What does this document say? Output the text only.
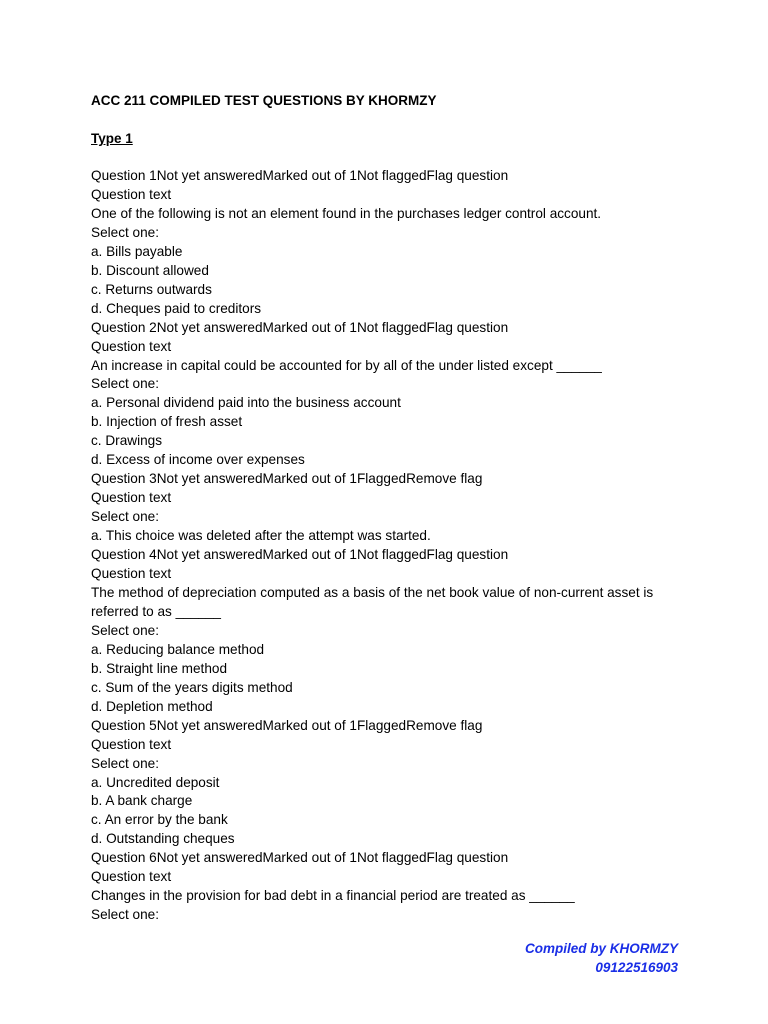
ACC 211 COMPILED TEST QUESTIONS BY KHORMZY
Type 1
Question 1Not yet answeredMarked out of 1Not flaggedFlag question
Question text
One of the following is not an element found in the purchases ledger control account.
Select one:
a. Bills payable
b. Discount allowed
c. Returns outwards
d. Cheques paid to creditors
Question 2Not yet answeredMarked out of 1Not flaggedFlag question
Question text
An increase in capital could be accounted for by all of the under listed except ______
Select one:
a. Personal dividend paid into the business account
b. Injection of fresh asset
c. Drawings
d. Excess of income over expenses
Question 3Not yet answeredMarked out of 1FlaggedRemove flag
Question text
Select one:
a. This choice was deleted after the attempt was started.
Question 4Not yet answeredMarked out of 1Not flaggedFlag question
Question text
The method of depreciation computed as a basis of the net book value of non-current asset is referred to as ______
Select one:
a. Reducing balance method
b. Straight line method
c. Sum of the years digits method
d. Depletion method
Question 5Not yet answeredMarked out of 1FlaggedRemove flag
Question text
Select one:
a. Uncredited deposit
b. A bank charge
c. An error by the bank
d. Outstanding cheques
Question 6Not yet answeredMarked out of 1Not flaggedFlag question
Question text
Changes in the provision for bad debt in a financial period are treated as ______
Select one:
Compiled by KHORMZY
09122516903
